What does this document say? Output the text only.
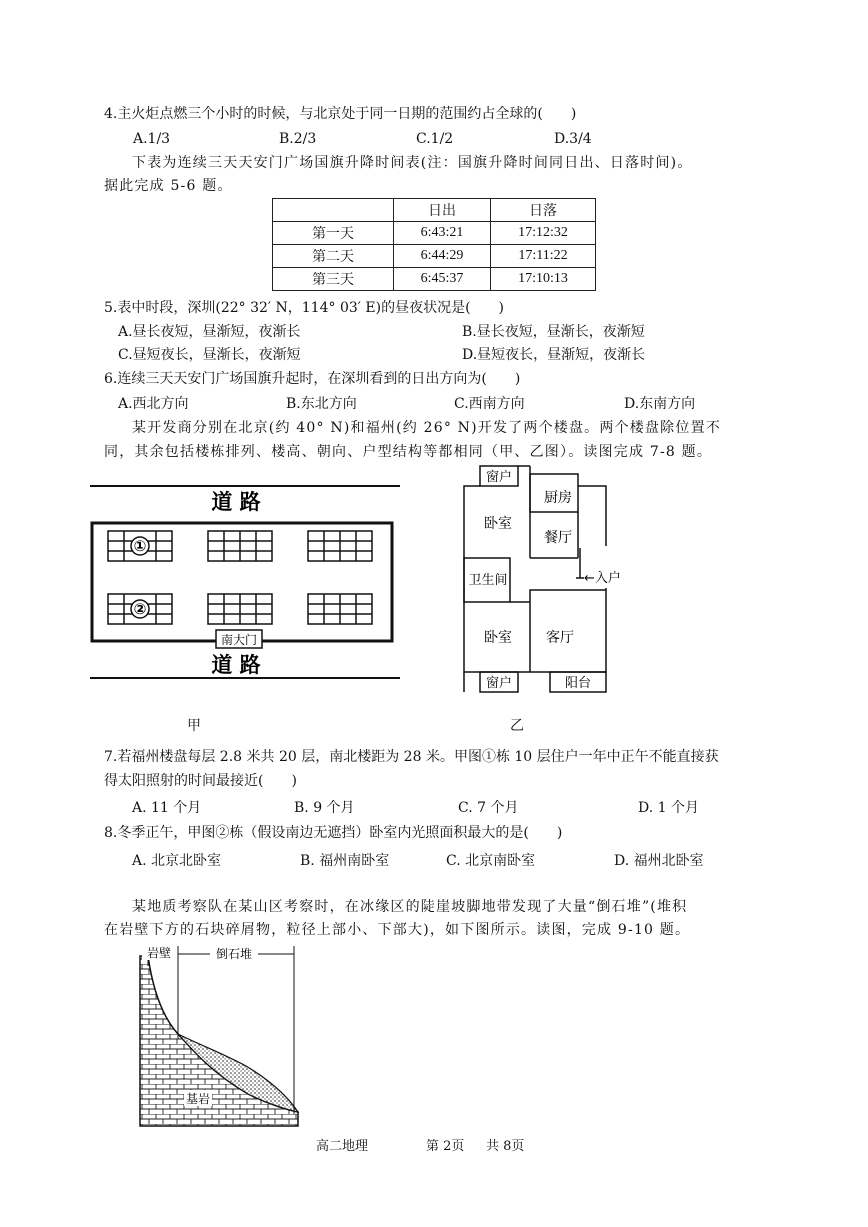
4.主火炬点燃三个小时的时候，与北京处于同一日期的范围约占全球的(　　)
A.1/3	B.2/3	C.1/2	D.3/4
下表为连续三天天安门广场国旗升降时间表(注：国旗升降时间同日出、日落时间)。
据此完成 5-6 题。
	日出	日落
第一天	6:43:21	17:12:32
第二天	6:44:29	17:11:22
第三天	6:45:37	17:10:13
5.表中时段，深圳(22° 32′ N，114° 03′ E)的昼夜状况是(　　)
A.昼长夜短，昼渐短，夜渐长	B.昼长夜短，昼渐长，夜渐短
C.昼短夜长，昼渐长，夜渐短	D.昼短夜长，昼渐短，夜渐长
6.连续三天天安门广场国旗升起时，在深圳看到的日出方向为(　　)
A.西北方向	B.东北方向	C.西南方向	D.东南方向
某开发商分别在北京(约 40° N)和福州(约 26° N)开发了两个楼盘。两个楼盘除位置不
同，其余包括楼栋排列、楼高、朝向、户型结构等都相同（甲、乙图）。读图完成 7-8 题。
①
②
南大门
道 路
道 路
甲
窗户
厨房
卧室
餐厅
卫生间	←入户
卧室 客厅
窗户	阳台
乙
7.若福州楼盘每层 2.8 米共 20 层，南北楼距为 28 米。甲图①栋 10 层住户一年中正午不能直接获
得太阳照射的时间最接近(　　)
A. 11 个月	B. 9 个月	C. 7 个月	D. 1 个月
8.冬季正午，甲图②栋（假设南边无遮挡）卧室内光照面积最大的是(　　)
A. 北京北卧室	B. 福州南卧室	C. 北京南卧室	D. 福州北卧室
某地质考察队在某山区考察时，在冰缘区的陡崖坡脚地带发现了大量“倒石堆”(堆积
在岩壁下方的石块碎屑物，粒径上部小、下部大)，如下图所示。读图，完成 9-10 题。
岩壁	倒石堆
基岩
高二地理	第 2页 共 8页
